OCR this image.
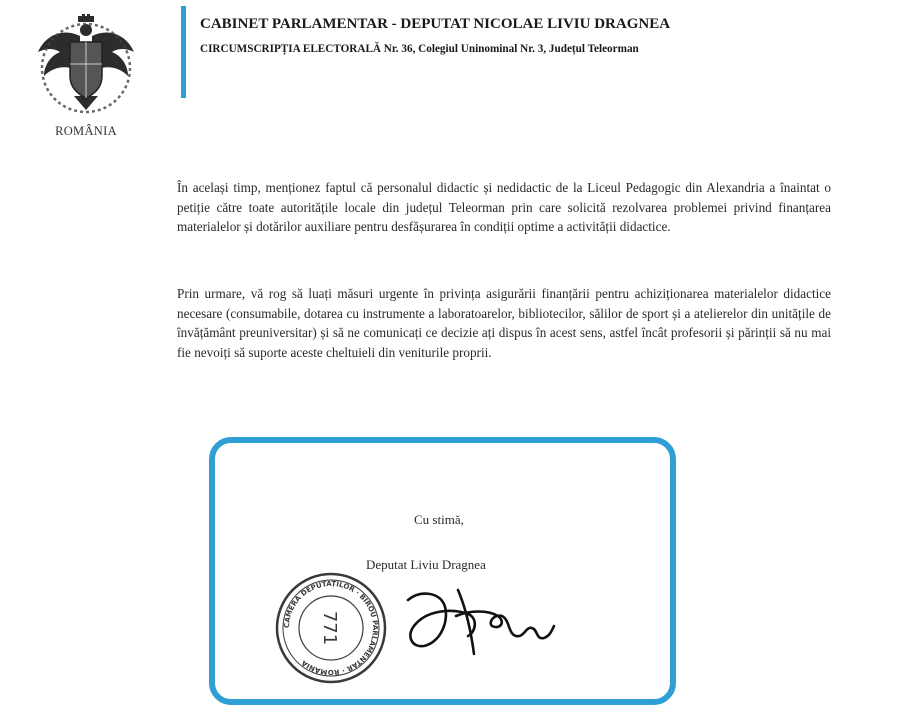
ROMÂNIA
CABINET PARLAMENTAR - DEPUTAT NICOLAE LIVIU DRAGNEA
CIRCUMSCRIPȚIA ELECTORALĂ Nr. 36, Colegiul Uninominal Nr. 3, Județul Teleorman

În același timp, menționez faptul că personalul didactic și nedidactic de la Liceul Pedagogic din Alexandria a înaintat o petiție către toate autoritățile locale din județul Teleorman prin care solicită rezolvarea problemei privind finanțarea materialelor și dotărilor auxiliare pentru desfășurarea în condiții optime a activității didactice.

Prin urmare, vă rog să luați măsuri urgente în privința asigurării finanțării pentru achiziționarea materialelor didactice necesare (consumabile, dotarea cu instrumente a laboratoarelor, bibliotecilor, sălilor de sport și a atelierelor din unitățile de învățământ preuniversitar) și să ne comunicați ce decizie ați dispus în acest sens, astfel încât profesorii și părinții să nu mai fie nevoiți să suporte aceste cheltuieli din veniturile proprii.

Cu stimă,
Deputat Liviu Dragnea
CAMERA DEPUTAȚILOR · BIROU PARLAMENTAR · ROMÂNIA
771
